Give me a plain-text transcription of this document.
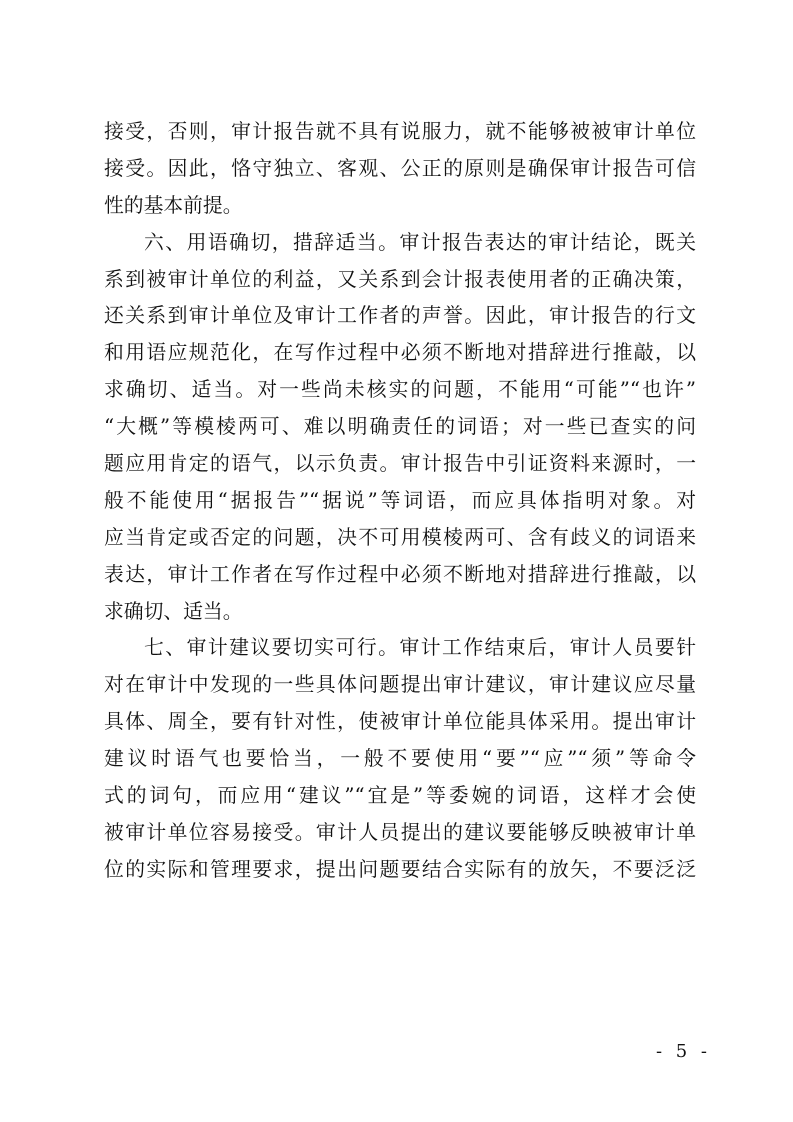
接受，否则，审计报告就不具有说服力，就不能够被被审计单位
接受。因此，恪守独立、客观、公正的原则是确保审计报告可信
性的基本前提。
六、用语确切，措辞适当。审计报告表达的审计结论，既关
系到被审计单位的利益，又关系到会计报表使用者的正确决策，
还关系到审计单位及审计工作者的声誉。因此，审计报告的行文
和用语应规范化，在写作过程中必须不断地对措辞进行推敲，以
求确切、适当。对一些尚未核实的问题，不能用“可能”“也许”
“大概”等模棱两可、难以明确责任的词语；对一些已查实的问
题应用肯定的语气，以示负责。审计报告中引证资料来源时，一
般不能使用“据报告”“据说”等词语，而应具体指明对象。对
应当肯定或否定的问题，决不可用模棱两可、含有歧义的词语来
表达，审计工作者在写作过程中必须不断地对措辞进行推敲，以
求确切、适当。
七、审计建议要切实可行。审计工作结束后，审计人员要针
对在审计中发现的一些具体问题提出审计建议，审计建议应尽量
具体、周全，要有针对性，使被审计单位能具体采用。提出审计
建议时语气也要恰当，一般不要使用“要”“应”“须”等命令
式的词句，而应用“建议”“宜是”等委婉的词语，这样才会使
被审计单位容易接受。审计人员提出的建议要能够反映被审计单
位的实际和管理要求，提出问题要结合实际有的放矢，不要泛泛
- 5 -
